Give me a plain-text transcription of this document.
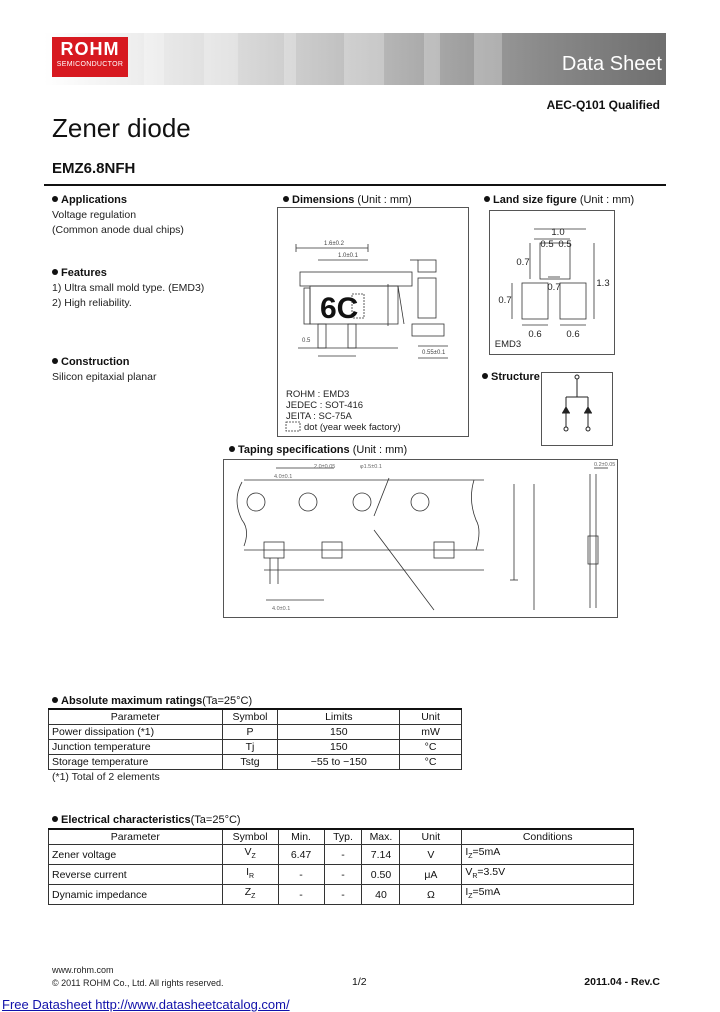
ROHM
SEMICONDUCTOR	Data Sheet
AEC-Q101 Qualified
Zener diode
EMZ6.8NFH
Applications
Voltage regulation
(Common anode dual chips)
Features
1) Ultra small mold type. (EMD3)
2) High reliability.
Construction
Silicon epitaxial planar
Dimensions (Unit : mm)
1.6±0.2
1.0±0.1
0.5
0.55±0.1
6C
ROHM : EMD3
JEDEC : SOT-416
JEITA : SC-75A
dot (year week factory)
Land size figure (Unit : mm)
1.0
0.5 0.5
0.7
0.7
1.3
0.7
0.6	0.6
EMD3
Structure
Taping specifications (Unit : mm)
4.0±0.1
2.0±0.05	φ1.5±0.1
4.0±0.1
0.2±0.05
Absolute maximum ratings(Ta=25°C)
Parameter	Symbol	Limits	Unit
Power dissipation (*1)	P	150	mW
Junction temperature	Tj	150	°C
Storage temperature	Tstg	−55 to −150	°C
(*1) Total of 2 elements
Electrical characteristics(Ta=25°C)
Parameter	Symbol	Min.	Typ.	Max.	Unit	Conditions
Zener voltage	$V_Z$	6.47	-	7.14	V	$I_Z=5mA$
Reverse current	$I_R$	-	-	0.50	μA	$V_R=3.5V$
Dynamic impedance	$Z_Z$	-	-	40	Ω	$I_Z=5mA$
www.rohm.com
© 2011 ROHM Co., Ltd. All rights reserved.	1/2	2011.04 - Rev.C
Free Datasheet http://www.datasheetcatalog.com/
